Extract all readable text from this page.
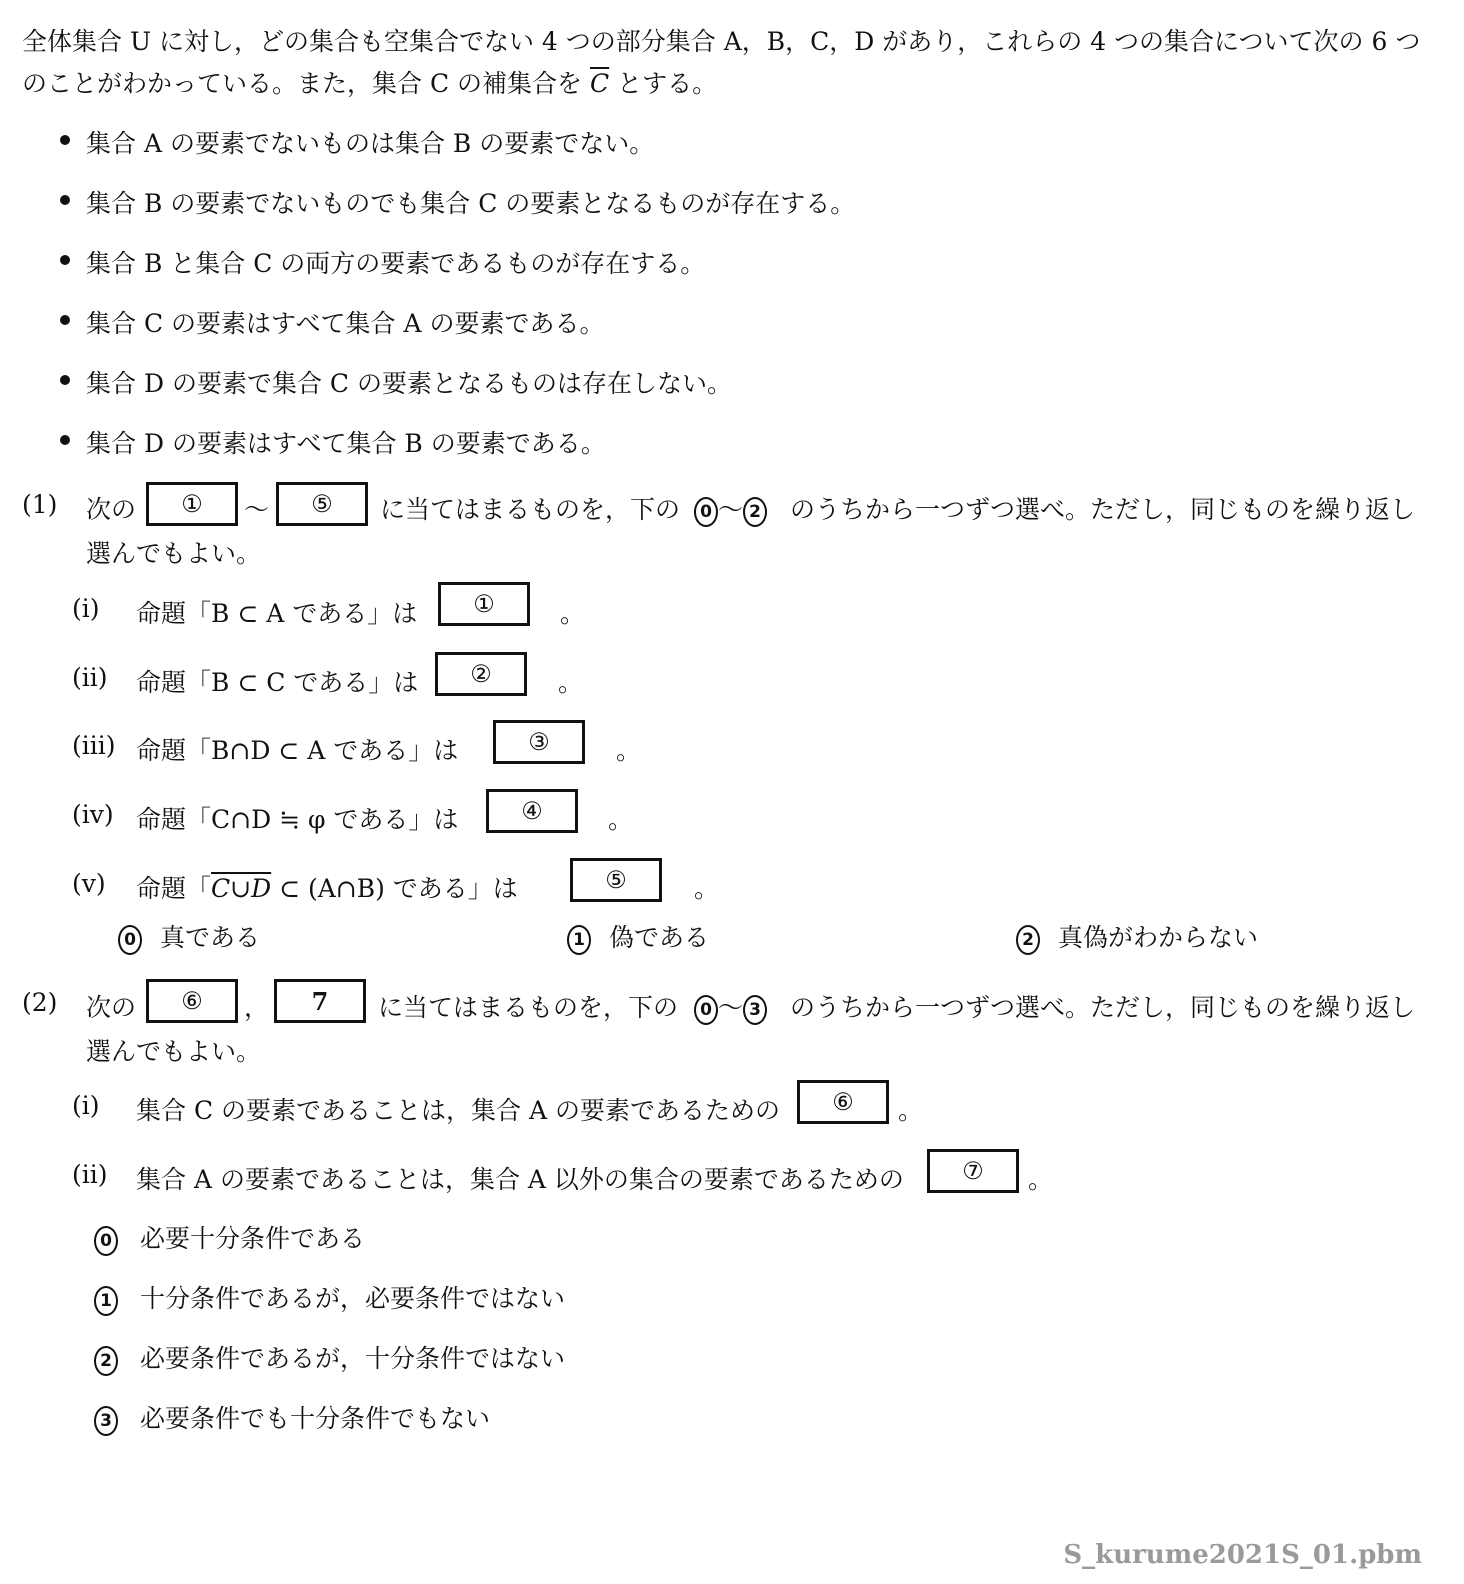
全体集合 U に対し，どの集合も空集合でない 4 つの部分集合 A，B，C，D があり，これらの 4 つの集合について次の 6 つ
のことがわかっている。また，集合 C の補集合を $\overline{C}$ とする。
集合 A の要素でないものは集合 B の要素でない。
集合 B の要素でないものでも集合 C の要素となるものが存在する。
集合 B と集合 C の両方の要素であるものが存在する。
集合 C の要素はすべて集合 A の要素である。
集合 D の要素で集合 C の要素となるものは存在しない。
集合 D の要素はすべて集合 B の要素である。
(1) 次の	①	〜	⑤	に当てはまるものを，下の	0 〜 2 のうちから一つずつ選べ。ただし，同じものを繰り返し
選んでもよい。
(i) 命題「B ⊂ A である」は	①	。
(ii) 命題「B ⊂ C である」は	②	。
(iii) 命題「B∩D ⊂ A である」は	③	。
(iv) 命題「C∩D ≒ φ である」は	④	。
(v) 命題「C∪D ⊂ (A∩B) である」は	⑤	。
0 真である	1 偽である	2 真偽がわからない
(2) 次の	⑥	，	7	に当てはまるものを，下の	0 〜 3 のうちから一つずつ選べ。ただし，同じものを繰り返し
選んでもよい。
(i) 集合 C の要素であることは，集合 A の要素であるための	⑥	。
(ii) 集合 A の要素であることは，集合 A 以外の集合の要素であるための	⑦	。
0 必要十分条件である
1 十分条件であるが，必要条件ではない
2 必要条件であるが，十分条件ではない
3 必要条件でも十分条件でもない
S_kurume2021S_01.pbm
